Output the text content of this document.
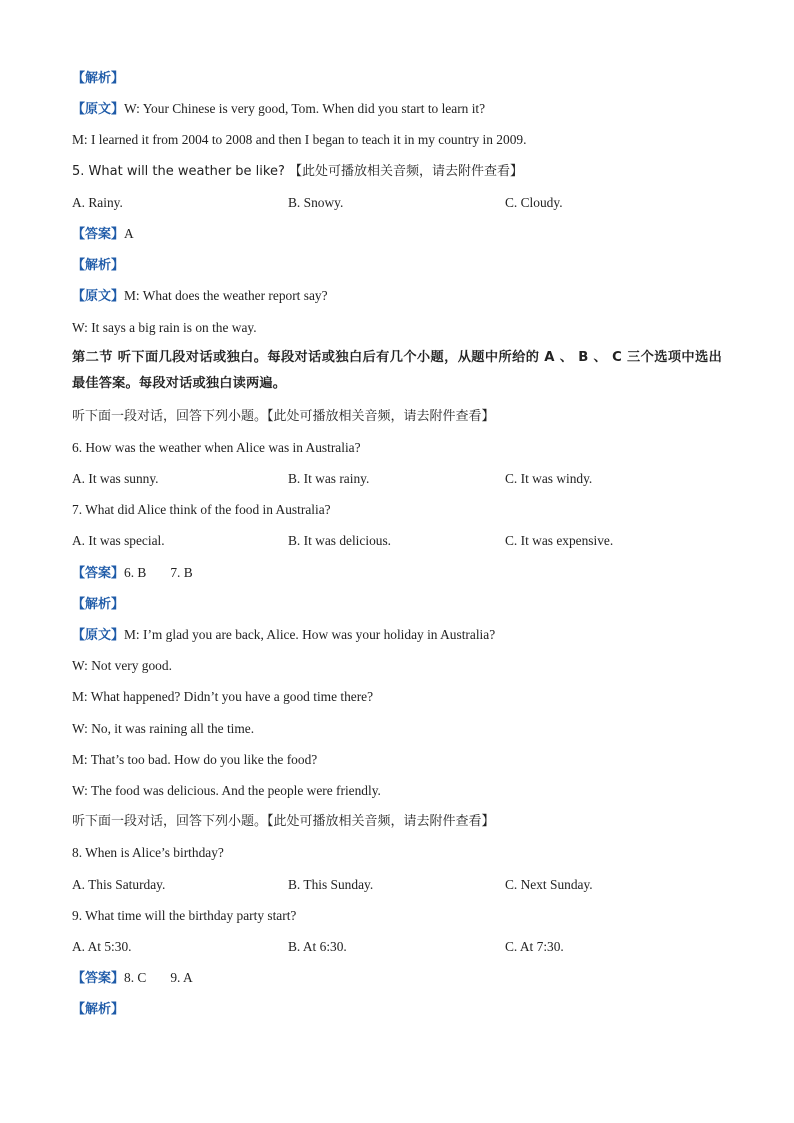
【解析】
【原文】W: Your Chinese is very good, Tom. When did you start to learn it?
M: I learned it from 2004 to 2008 and then I began to teach it in my country in 2009.
5. What will the weather be like? 【此处可播放相关音频，请去附件查看】
A. Rainy.	B. Snowy.	C. Cloudy.
【答案】A
【解析】
【原文】M: What does the weather report say?
W: It says a big rain is on the way.
第二节 听下面几段对话或独白。每段对话或独白后有几个小题，从题中所给的 A 、 B 、 C 三个选项中选出最佳答案。每段对话或独白读两遍。
听下面一段对话，回答下列小题。【此处可播放相关音频，请去附件查看】
6. How was the weather when Alice was in Australia?
A. It was sunny.	B. It was rainy.	C. It was windy.
7. What did Alice think of the food in Australia?
A. It was special.	B. It was delicious.	C. It was expensive.
【答案】6. B 7. B
【解析】
【原文】M: I’m glad you are back, Alice. How was your holiday in Australia?
W: Not very good.
M: What happened? Didn’t you have a good time there?
W: No, it was raining all the time.
M: That’s too bad. How do you like the food?
W: The food was delicious. And the people were friendly.
听下面一段对话，回答下列小题。【此处可播放相关音频，请去附件查看】
8. When is Alice’s birthday?
A. This Saturday.	B. This Sunday.	C. Next Sunday.
9. What time will the birthday party start?
A. At 5:30.	B. At 6:30.	C. At 7:30.
【答案】8. C 9. A
【解析】
